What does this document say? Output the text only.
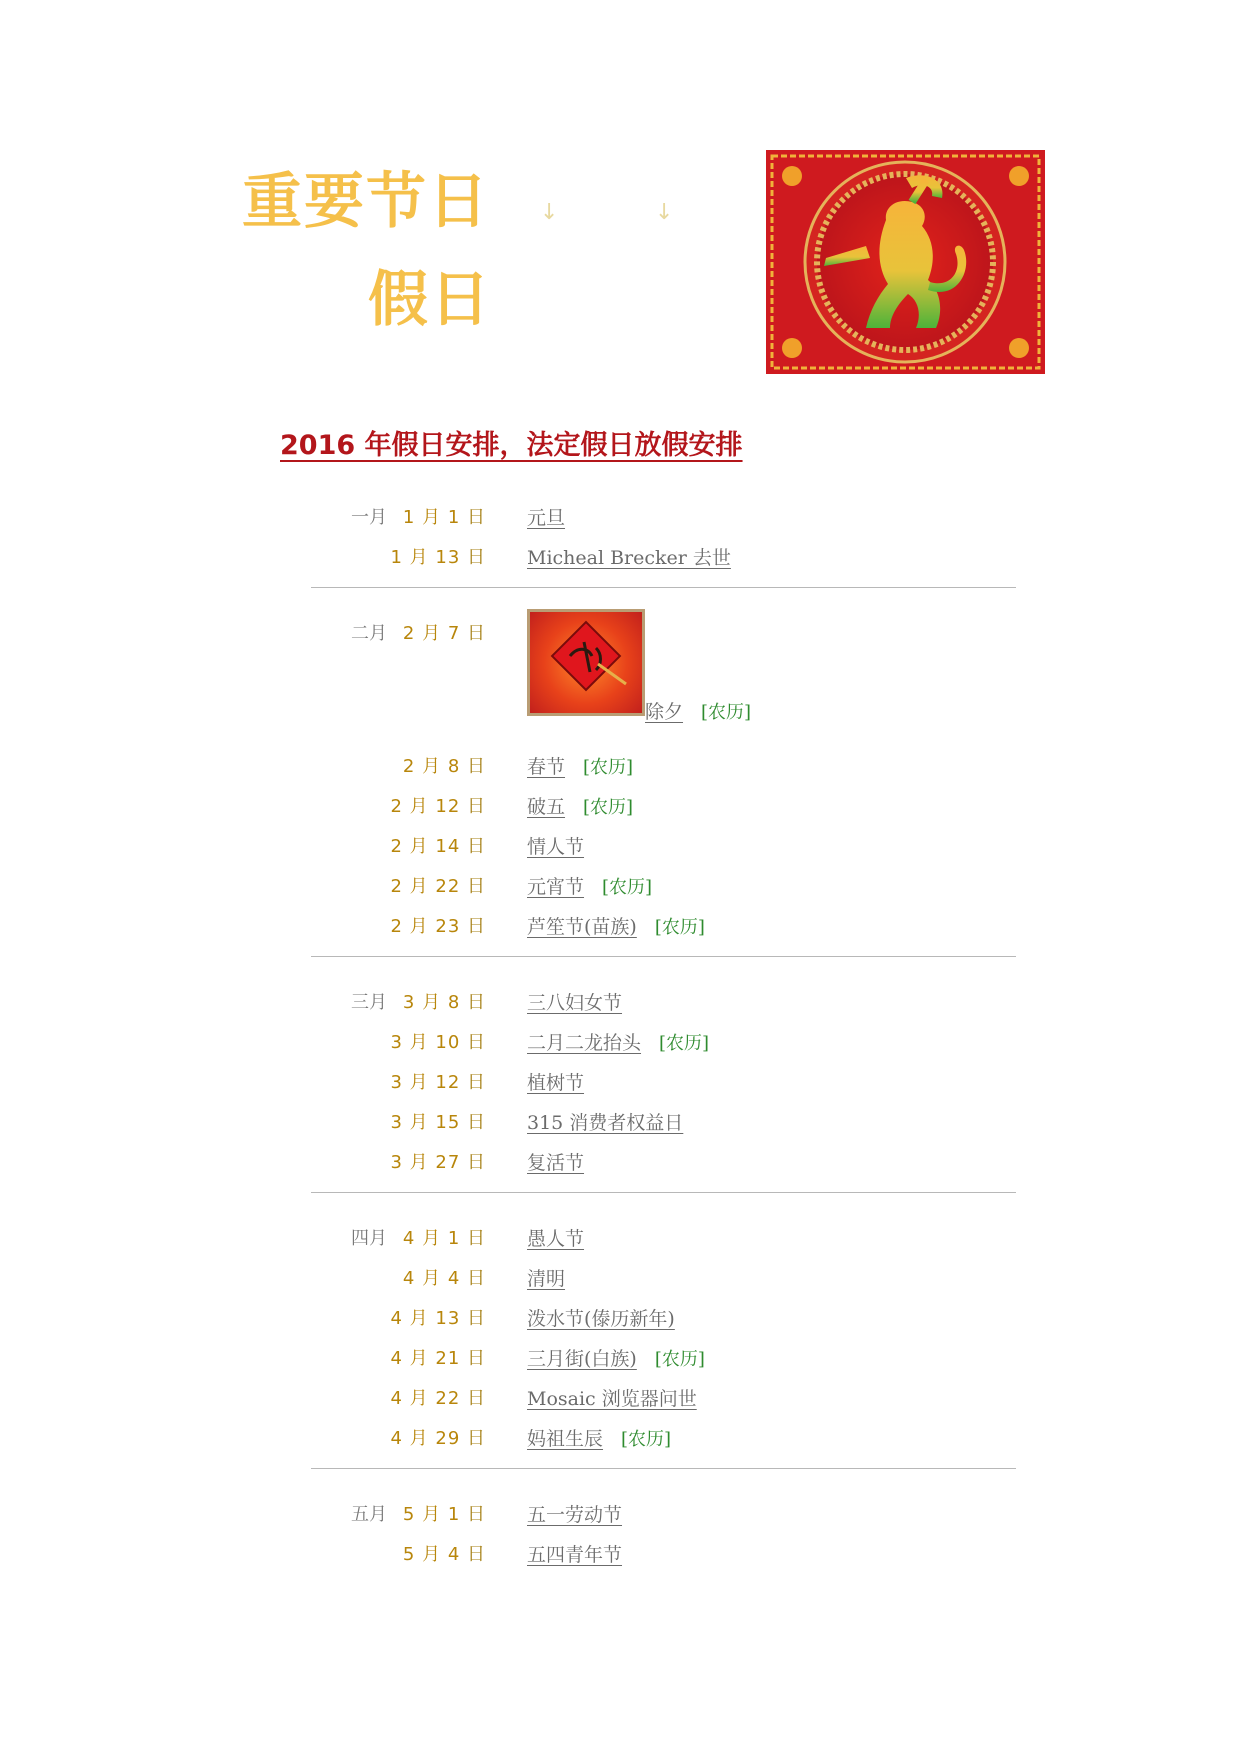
重要节日
假日
↓	↓
2016 年假日安排，法定假日放假安排
一月 1 月 1 日 元旦
1 月 13 日 Micheal Brecker 去世
二月 2 月 7 日
除夕 [农历]
2 月 8 日 春节 [农历]
2 月 12 日 破五 [农历]
2 月 14 日 情人节
2 月 22 日 元宵节 [农历]
2 月 23 日 芦笙节(苗族) [农历]
三月 3 月 8 日 三八妇女节
3 月 10 日 二月二龙抬头 [农历]
3 月 12 日 植树节
3 月 15 日 315 消费者权益日
3 月 27 日 复活节
四月 4 月 1 日 愚人节
4 月 4 日 清明
4 月 13 日 泼水节(傣历新年)
4 月 21 日 三月街(白族) [农历]
4 月 22 日 Mosaic 浏览器问世
4 月 29 日 妈祖生辰 [农历]
五月 5 月 1 日 五一劳动节
5 月 4 日 五四青年节
